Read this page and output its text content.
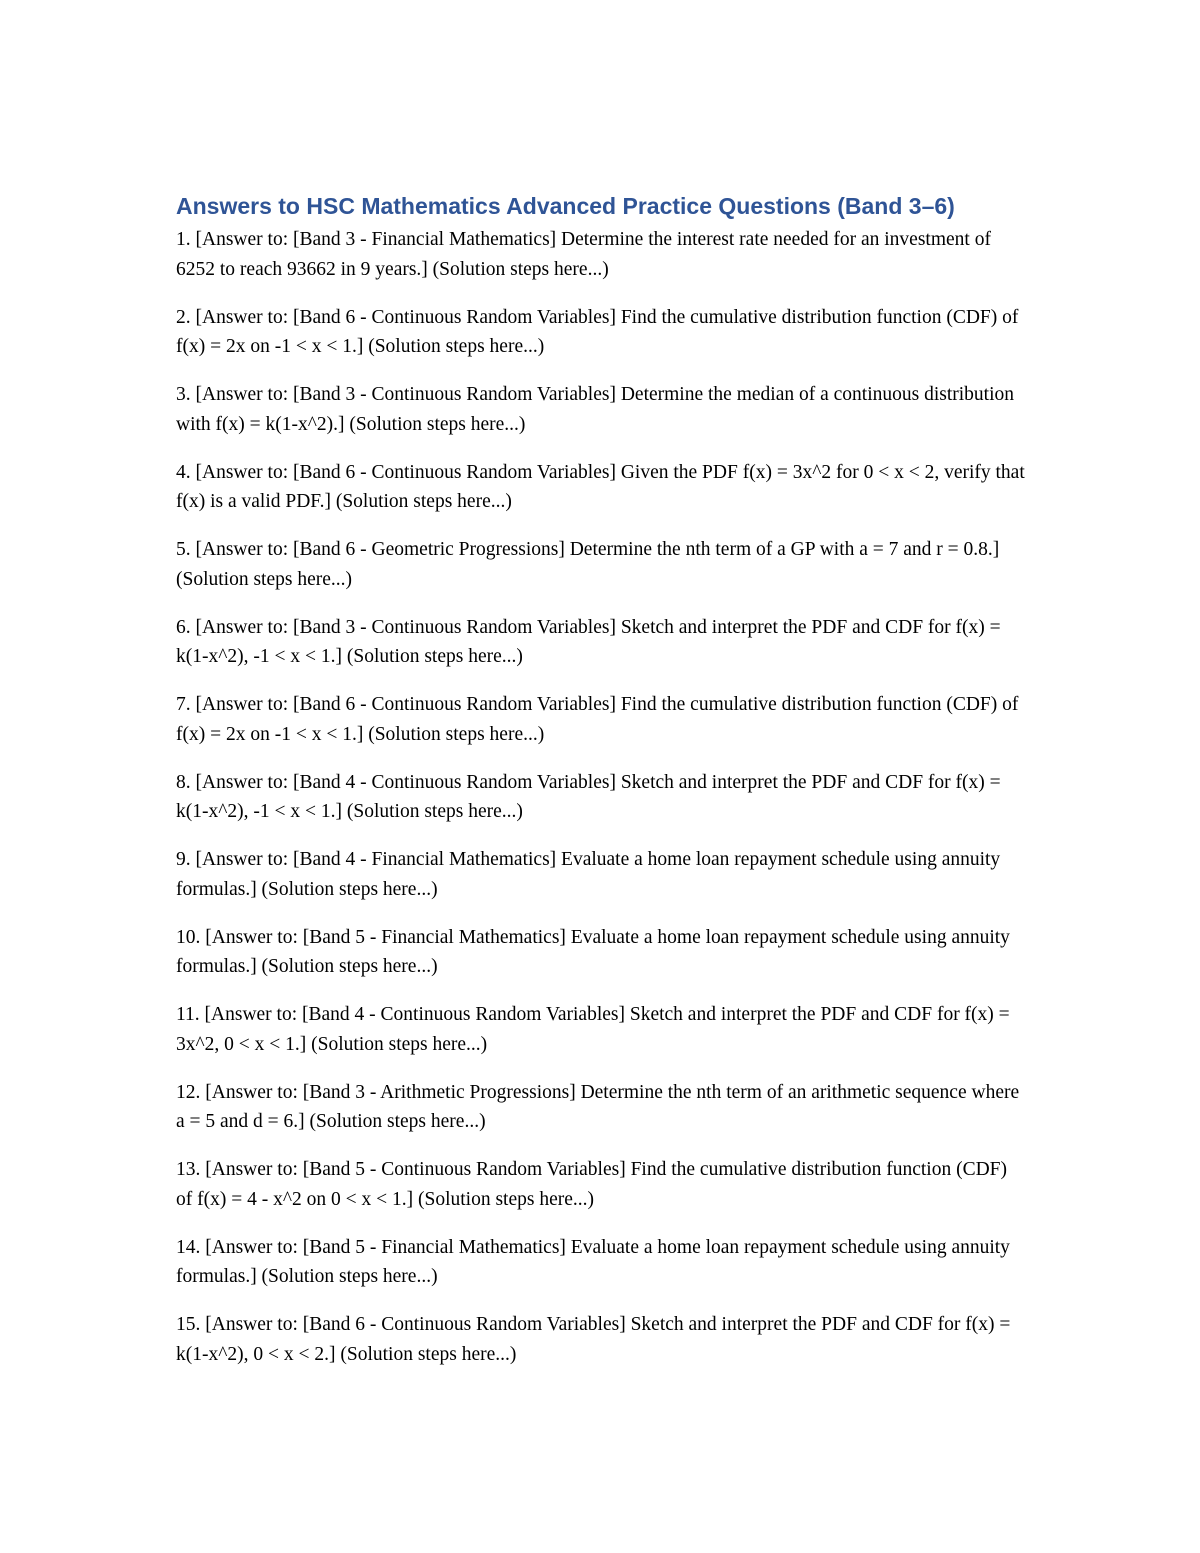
Answers to HSC Mathematics Advanced Practice Questions (Band 3–6)

1. [Answer to: [Band 3 - Financial Mathematics] Determine the interest rate needed for an investment of 6252 to reach 93662 in 9 years.] (Solution steps here...)

2. [Answer to: [Band 6 - Continuous Random Variables] Find the cumulative distribution function (CDF) of f(x) = 2x on -1 < x < 1.] (Solution steps here...)

3. [Answer to: [Band 3 - Continuous Random Variables] Determine the median of a continuous distribution with f(x) = k(1-x^2).] (Solution steps here...)

4. [Answer to: [Band 6 - Continuous Random Variables] Given the PDF f(x) = 3x^2 for 0 < x < 2, verify that f(x) is a valid PDF.] (Solution steps here...)

5. [Answer to: [Band 6 - Geometric Progressions] Determine the nth term of a GP with a = 7 and r = 0.8.] (Solution steps here...)

6. [Answer to: [Band 3 - Continuous Random Variables] Sketch and interpret the PDF and CDF for f(x) = k(1-x^2), -1 < x < 1.] (Solution steps here...)

7. [Answer to: [Band 6 - Continuous Random Variables] Find the cumulative distribution function (CDF) of f(x) = 2x on -1 < x < 1.] (Solution steps here...)

8. [Answer to: [Band 4 - Continuous Random Variables] Sketch and interpret the PDF and CDF for f(x) = k(1-x^2), -1 < x < 1.] (Solution steps here...)

9. [Answer to: [Band 4 - Financial Mathematics] Evaluate a home loan repayment schedule using annuity formulas.] (Solution steps here...)

10. [Answer to: [Band 5 - Financial Mathematics] Evaluate a home loan repayment schedule using annuity formulas.] (Solution steps here...)

11. [Answer to: [Band 4 - Continuous Random Variables] Sketch and interpret the PDF and CDF for f(x) = 3x^2, 0 < x < 1.] (Solution steps here...)

12. [Answer to: [Band 3 - Arithmetic Progressions] Determine the nth term of an arithmetic sequence where a = 5 and d = 6.] (Solution steps here...)

13. [Answer to: [Band 5 - Continuous Random Variables] Find the cumulative distribution function (CDF) of f(x) = 4 - x^2 on 0 < x < 1.] (Solution steps here...)

14. [Answer to: [Band 5 - Financial Mathematics] Evaluate a home loan repayment schedule using annuity formulas.] (Solution steps here...)

15. [Answer to: [Band 6 - Continuous Random Variables] Sketch and interpret the PDF and CDF for f(x) = k(1-x^2), 0 < x < 2.] (Solution steps here...)
